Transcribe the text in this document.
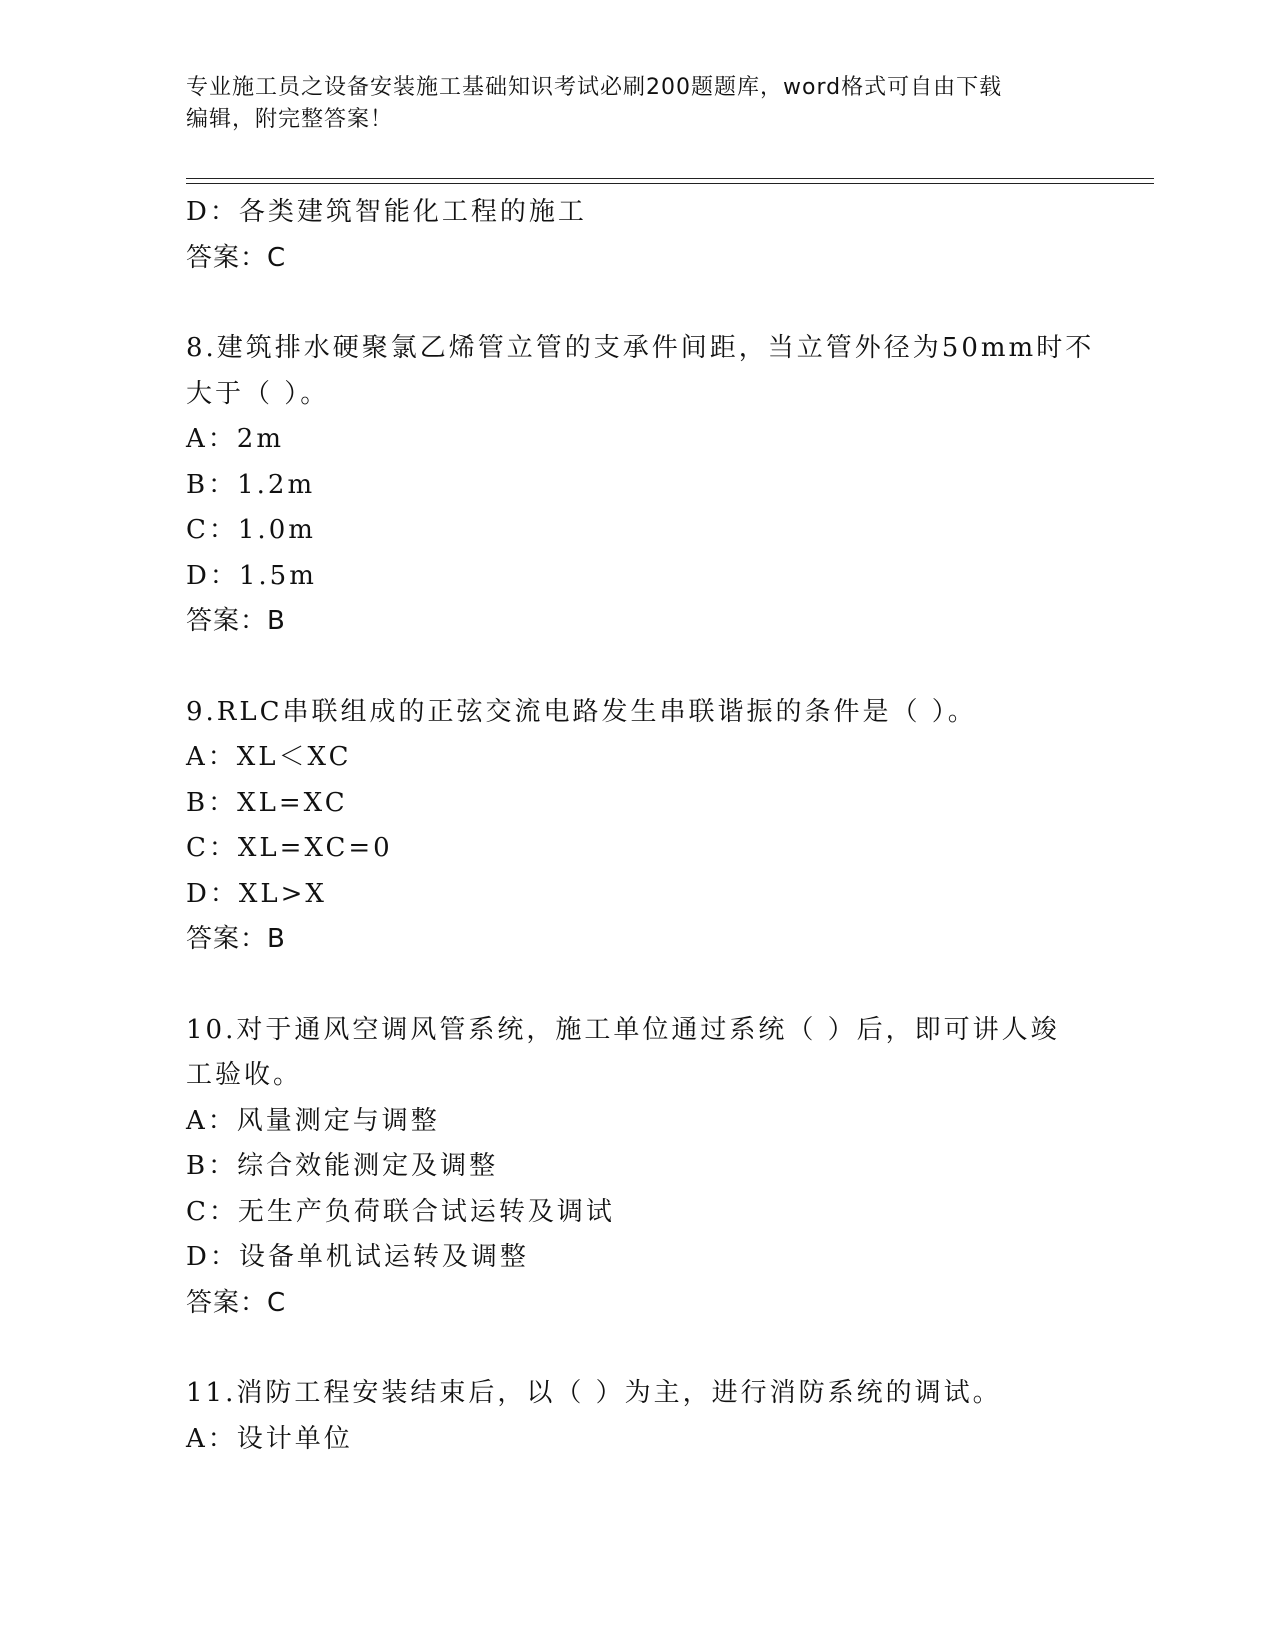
专业施工员之设备安装施工基础知识考试必刷200题题库，word格式可自由下载
编辑，附完整答案！
D：各类建筑智能化工程的施工
答案：C
8.建筑排水硬聚氯乙烯管立管的支承件间距，当立管外径为50mm时不
大于（ ）。
A：2m
B：1.2m
C：1.0m
D：1.5m
答案：B
9.RLC串联组成的正弦交流电路发生串联谐振的条件是（ ）。
A：XL＜XC
B：XL=XC
C：XL=XC=0
D：XL>X
答案：B
10.对于通风空调风管系统，施工单位通过系统（ ）后，即可讲人竣
工验收。
A：风量测定与调整
B：综合效能测定及调整
C：无生产负荷联合试运转及调试
D：设备单机试运转及调整
答案：C
11.消防工程安装结束后，以（ ）为主，进行消防系统的调试。
A：设计单位
